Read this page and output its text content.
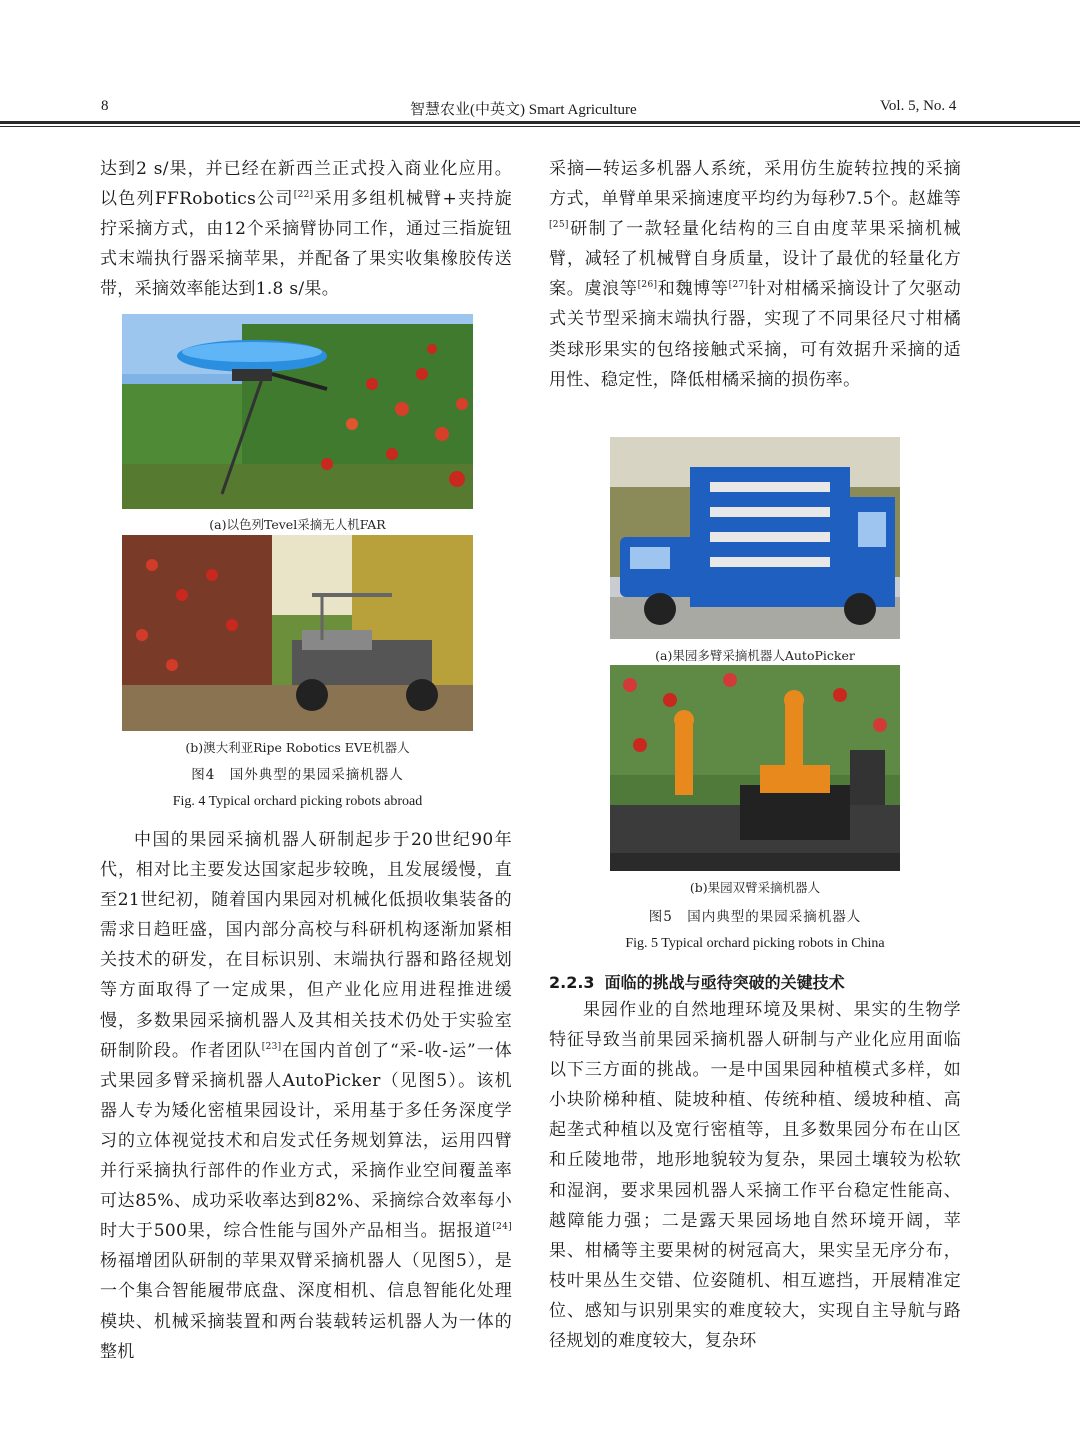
8	智慧农业(中英文) Smart Agriculture	Vol. 5, No. 4

达到2 s/果，并已经在新西兰正式投入商业化应用。以色列FFRobotics公司[22]采用多组机械臂+夹持旋拧采摘方式，由12个采摘臂协同工作，通过三指旋钮式末端执行器采摘苹果，并配备了果实收集橡胶传送带，采摘效率能达到1.8 s/果。

(a)以色列Tevel采摘无人机FAR
(b)澳大利亚Ripe Robotics EVE机器人
图4　国外典型的果园采摘机器人
Fig. 4 Typical orchard picking robots abroad

中国的果园采摘机器人研制起步于20世纪90年代，相对比主要发达国家起步较晚，且发展缓慢，直至21世纪初，随着国内果园对机械化低损收集装备的需求日趋旺盛，国内部分高校与科研机构逐渐加紧相关技术的研发，在目标识别、末端执行器和路径规划等方面取得了一定成果，但产业化应用进程推进缓慢，多数果园采摘机器人及其相关技术仍处于实验室研制阶段。作者团队[23]在国内首创了“采-收-运”一体式果园多臂采摘机器人AutoPicker（见图5）。该机器人专为矮化密植果园设计，采用基于多任务深度学习的立体视觉技术和启发式任务规划算法，运用四臂并行采摘执行部件的作业方式，采摘作业空间覆盖率可达85%、成功采收率达到82%、采摘综合效率每小时大于500果，综合性能与国外产品相当。据报道[24]杨福增团队研制的苹果双臂采摘机器人（见图5），是一个集合智能履带底盘、深度相机、信息智能化处理模块、机械采摘装置和两台装载转运机器人为一体的整机

采摘—转运多机器人系统，采用仿生旋转拉拽的采摘方式，单臂单果采摘速度平均约为每秒7.5个。赵雄等[25]研制了一款轻量化结构的三自由度苹果采摘机械臂，减轻了机械臂自身质量，设计了最优的轻量化方案。虞浪等[26]和魏博等[27]针对柑橘采摘设计了欠驱动式关节型采摘末端执行器，实现了不同果径尺寸柑橘类球形果实的包络接触式采摘，可有效据升采摘的适用性、稳定性，降低柑橘采摘的损伤率。

(a)果园多臂采摘机器人AutoPicker
(b)果园双臂采摘机器人
图5　国内典型的果园采摘机器人
Fig. 5 Typical orchard picking robots in China
2.2.3 面临的挑战与亟待突破的关键技术

果园作业的自然地理环境及果树、果实的生物学特征导致当前果园采摘机器人研制与产业化应用面临以下三方面的挑战。一是中国果园种植模式多样，如小块阶梯种植、陡坡种植、传统种植、缓坡种植、高起垄式种植以及宽行密植等，且多数果园分布在山区和丘陵地带，地形地貌较为复杂，果园土壤较为松软和湿润，要求果园机器人采摘工作平台稳定性能高、越障能力强；二是露天果园场地自然环境开阔，苹果、柑橘等主要果树的树冠高大，果实呈无序分布，枝叶果丛生交错、位姿随机、相互遮挡，开展精准定位、感知与识别果实的难度较大，实现自主导航与路径规划的难度较大，复杂环
